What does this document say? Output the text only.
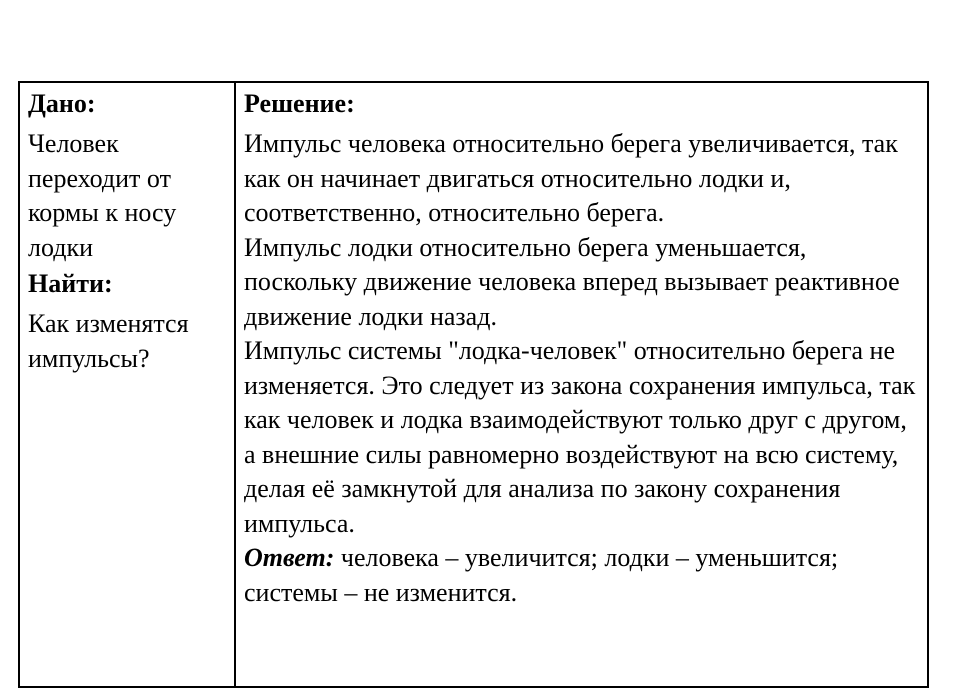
Дано:

Человек переходит от кормы к носу лодки

Найти:

Как изменятся импульсы?

Решение:

Импульс человека относительно берега увеличивается, так как он начинает двигаться относительно лодки и, соответственно, относительно берега.

Импульс лодки относительно берега уменьшается, поскольку движение человека вперед вызывает реактивное движение лодки назад.

Импульс системы "лодка-человек" относительно берега не изменяется. Это следует из закона сохранения импульса, так как человек и лодка взаимодействуют только друг с другом, а внешние силы равномерно воздействуют на всю систему, делая её замкнутой для анализа по закону сохранения импульса.

Ответ: человека – увеличится; лодки – уменьшится; системы – не изменится.
